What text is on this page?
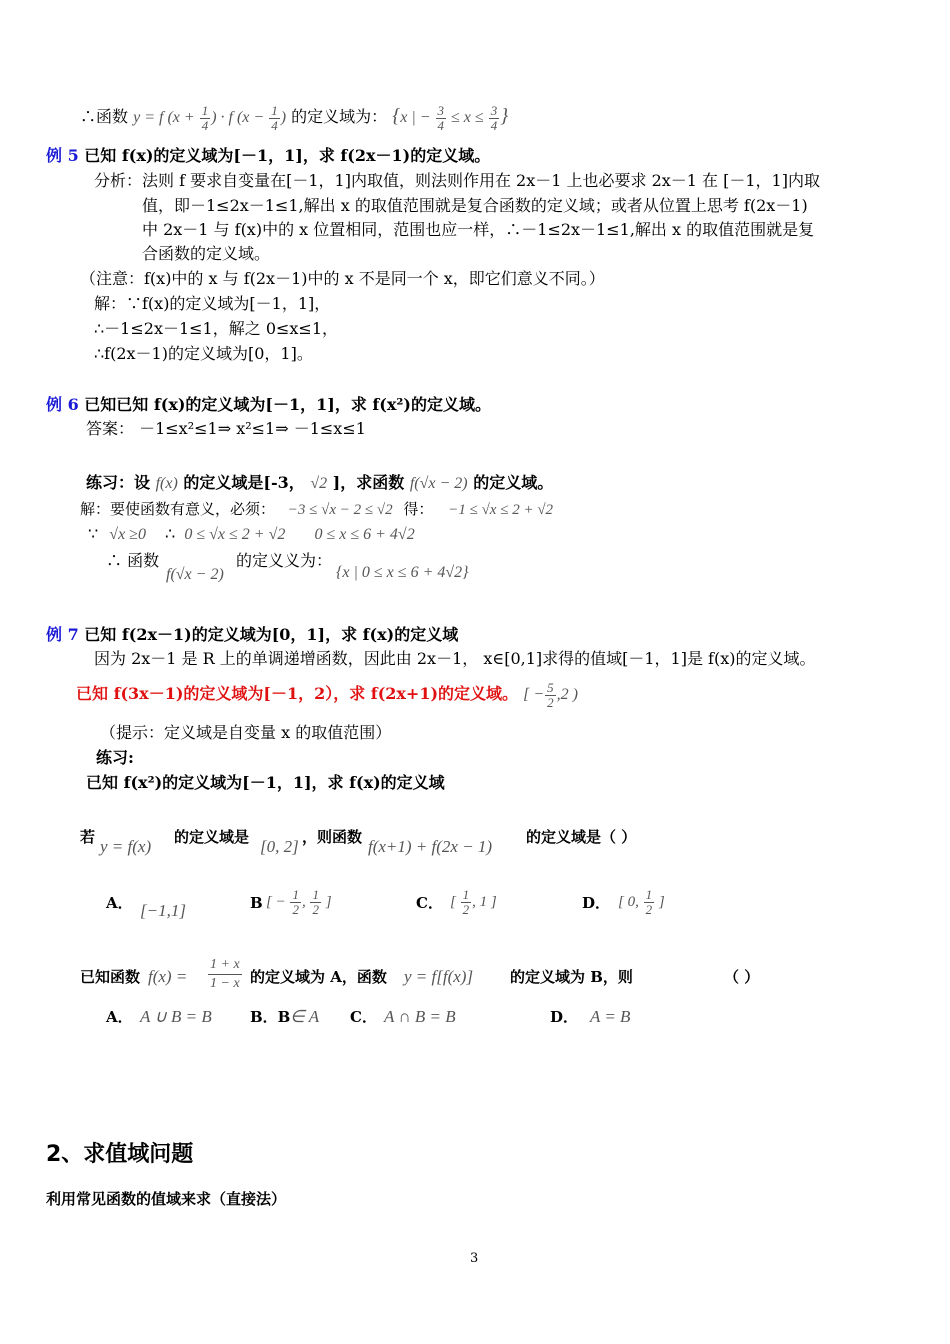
∴函数 y = f ($x + \frac{1}{4}$ ) · f ($x - \frac{1}{4}$ ) 的定义域为： {x | − $\frac{3}{4} \le x \le \frac{3}{4}$ }
例 5 已知 f(x)的定义域为[－1，1]，求 f(2x－1)的定义域。
分析：法则 f 要求自变量在[－1，1]内取值，则法则作用在 2x－1 上也必要求 2x－1 在 [－1，1]内取
值，即－1≤2x－1≤1,解出 x 的取值范围就是复合函数的定义域；或者从位置上思考 f(2x－1)
中 2x－1 与 f(x)中的 x 位置相同，范围也应一样，∴－1≤2x－1≤1,解出 x 的取值范围就是复
合函数的定义域。
（注意：f(x)中的 x 与 f(2x－1)中的 x 不是同一个 x，即它们意义不同。）
解：∵f(x)的定义域为[－1，1]，
∴－1≤2x－1≤1，解之 0≤x≤1，
∴f(2x－1)的定义域为[0，1]。
例 6 已知已知 f(x)的定义域为[－1，1]，求 f(x²)的定义域。
答案： －1≤x²≤1⇒ x²≤1⇒ －1≤x≤1
练习：设 f(x) 的定义域是[-3， √2 ]，求函数 f(√x − 2) 的定义域。
解：要使函数有意义，必须： −3 ≤ √x − 2 ≤ √2 得： −1 ≤ √x ≤ 2 + √2
∵ √x ≥0 ∴ 0 ≤ √x ≤ 2 + √2 0 ≤ x ≤ 6 + 4√2
∴ 函数
f(√x − 2)
的定义义为：
{x | 0 ≤ x ≤ 6 + 4√2}
例 7 已知 f(2x－1)的定义域为[0，1]，求 f(x)的定义域
因为 2x－1 是 R 上的单调递增函数，因此由 2x－1， x∈[0,1]求得的值域[－1，1]是 f(x)的定义域。
已知 f(3x－1)的定义域为[－1，2），求 f(2x+1)的定义域。 [ − $\frac{5}{2} ,2$ )
（提示：定义域是自变量 x 的取值范围）
练习:
已知 f(x²)的定义域为[－1，1]，求 f(x)的定义域
若 y = f(x) 的定义域是 [0, 2] ，则函数 f(x+1) + f(2x − 1) 的定义域是（ ）
A． [−1,1]	B [ − $\frac{1}{2}$ , $\frac{1}{2}$ ]	C． [ $\frac{1}{2}$ , 1 ]	D． [ 0, $\frac{1}{2}$ ]
已知函数 f(x) =
1 + x
1 − x 的定义域为 A，函数 y = f[f(x)] 的定义域为 B，则	（ ）
A． A ∪ B = B	B．B ∈ A C． A ∩ B = B	D． A = B
2、求值域问题
利用常见函数的值域来求（直接法）
3
